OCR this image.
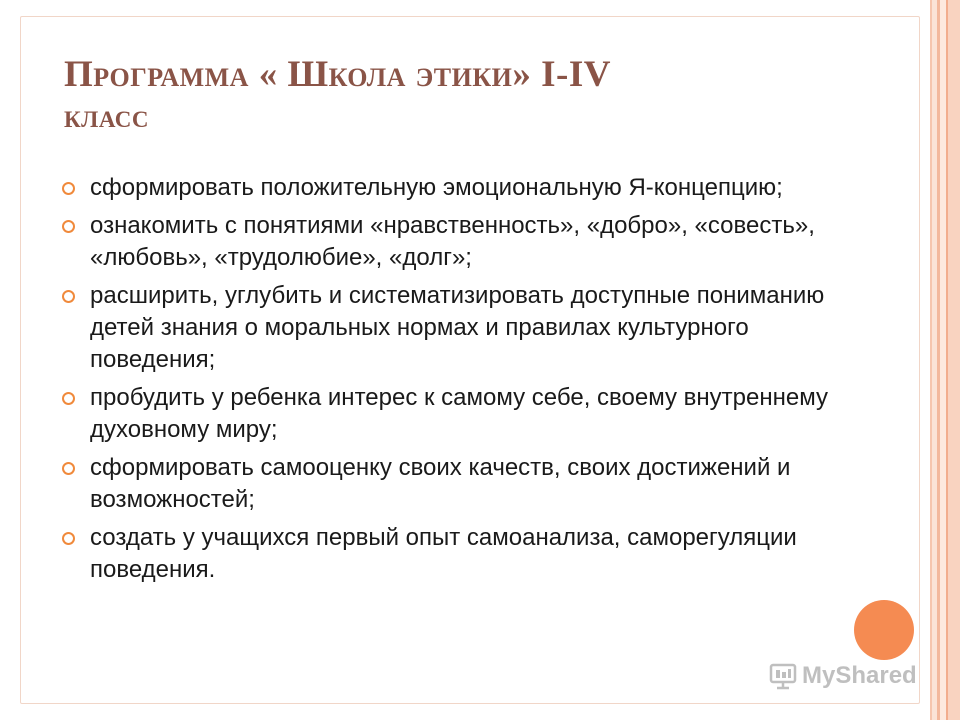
Программа « Школа этики» I-IV
класс
сформировать положительную эмоциональную Я-концепцию;
ознакомить с понятиями «нравственность», «добро», «совесть», «любовь», «трудолюбие», «долг»;
расширить, углубить и систематизировать доступные пониманию детей знания о моральных нормах и правилах культурного поведения;
пробудить у ребенка интерес к самому себе, своему внутреннему духовному миру;
сформировать самооценку своих качеств, своих достижений и возможностей;
создать у учащихся первый опыт самоанализа, саморегуляции поведения.
MyShared
